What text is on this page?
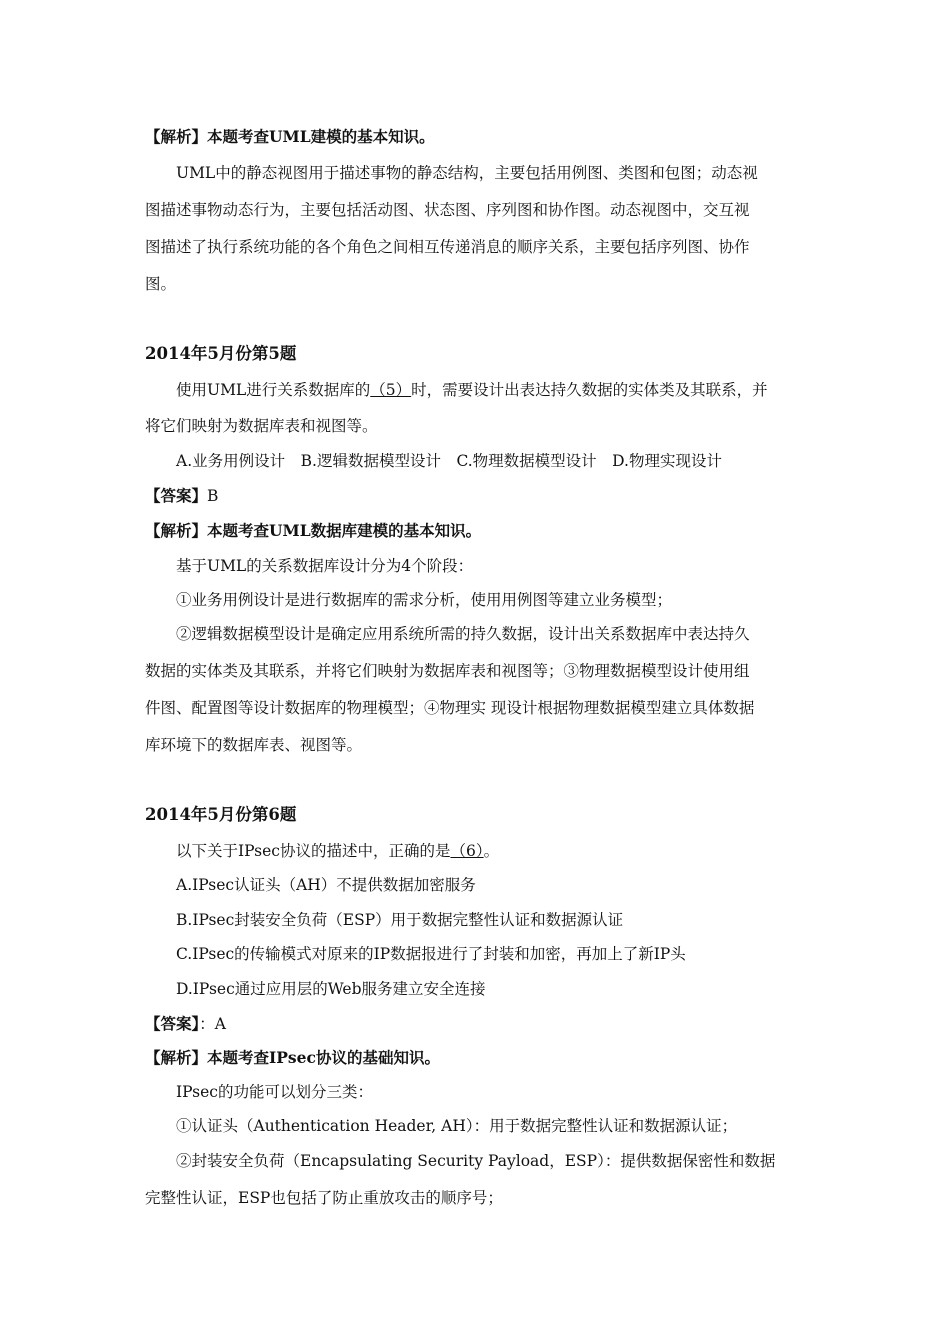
【解析】本题考查UML建模的基本知识。
UML中的静态视图用于描述事物的静态结构，主要包括用例图、类图和包图；动态视
图描述事物动态行为，主要包括活动图、状态图、序列图和协作图。动态视图中，交互视
图描述了执行系统功能的各个角色之间相互传递消息的顺序关系，主要包括序列图、协作
图。
2014年5月份第5题
使用UML进行关系数据库的（5）时，需要设计出表达持久数据的实体类及其联系，并
将它们映射为数据库表和视图等。
A.业务用例设计　B.逻辑数据模型设计　C.物理数据模型设计　D.物理实现设计
【答案】B
【解析】本题考查UML数据库建模的基本知识。
基于UML的关系数据库设计分为4个阶段：
①业务用例设计是进行数据库的需求分析，使用用例图等建立业务模型；
②逻辑数据模型设计是确定应用系统所需的持久数据，设计出关系数据库中表达持久
数据的实体类及其联系，并将它们映射为数据库表和视图等；③物理数据模型设计使用组
件图、配置图等设计数据库的物理模型；④物理实 现设计根据物理数据模型建立具体数据
库环境下的数据库表、视图等。
2014年5月份第6题
以下关于IPsec协议的描述中，正确的是（6）。
A.IPsec认证头（AH）不提供数据加密服务
B.IPsec封装安全负荷（ESP）用于数据完整性认证和数据源认证
C.IPsec的传输模式对原来的IP数据报进行了封装和加密，再加上了新IP头
D.IPsec通过应用层的Web服务建立安全连接
【答案】：A
【解析】本题考查IPsec协议的基础知识。
IPsec的功能可以划分三类：
①认证头（Authentication Header, AH）：用于数据完整性认证和数据源认证；
②封装安全负荷（Encapsulating Security Payload，ESP）：提供数据保密性和数据
完整性认证，ESP也包括了防止重放攻击的顺序号；
